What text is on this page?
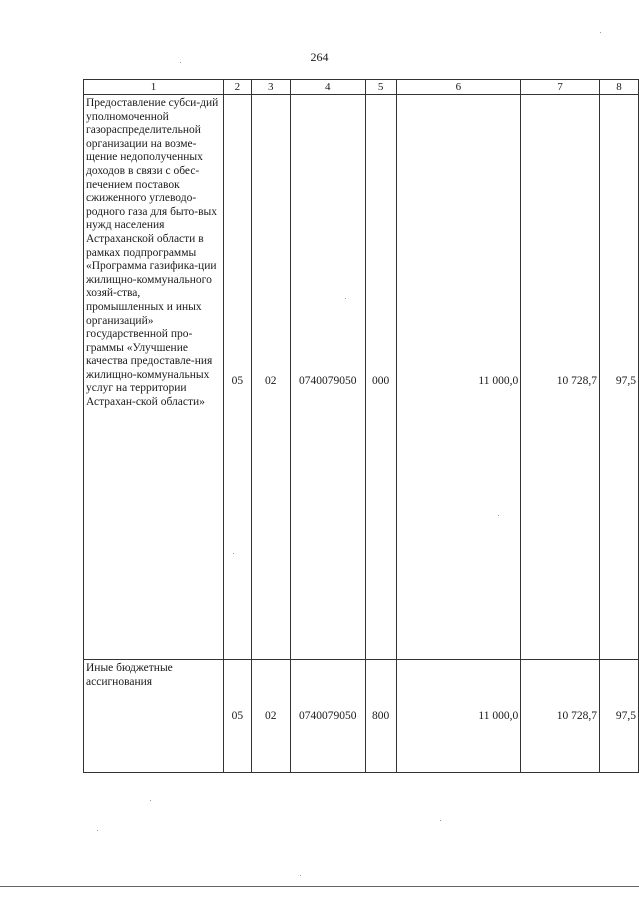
264
1	2	3	4	5	6	7	8
Предоставление субси-дий уполномоченной газораспределительной организации на возме-щение недополученных доходов в связи с обес-печением поставок сжиженного углеводо-родного газа для быто-вых нужд населения Астраханской области в рамках подпрограммы «Программа газифика-ции жилищно-коммунального хозяй-ства, промышленных и иных организаций» государственной про-граммы «Улучшение качества предоставле-ния жилищно-коммунальных услуг на территории Астрахан-ской области»	05	02	0740079050	000	11 000,0	10 728,7	97,5
Иные бюджетные ассигнования	05	02	0740079050	800	11 000,0	10 728,7	97,5
